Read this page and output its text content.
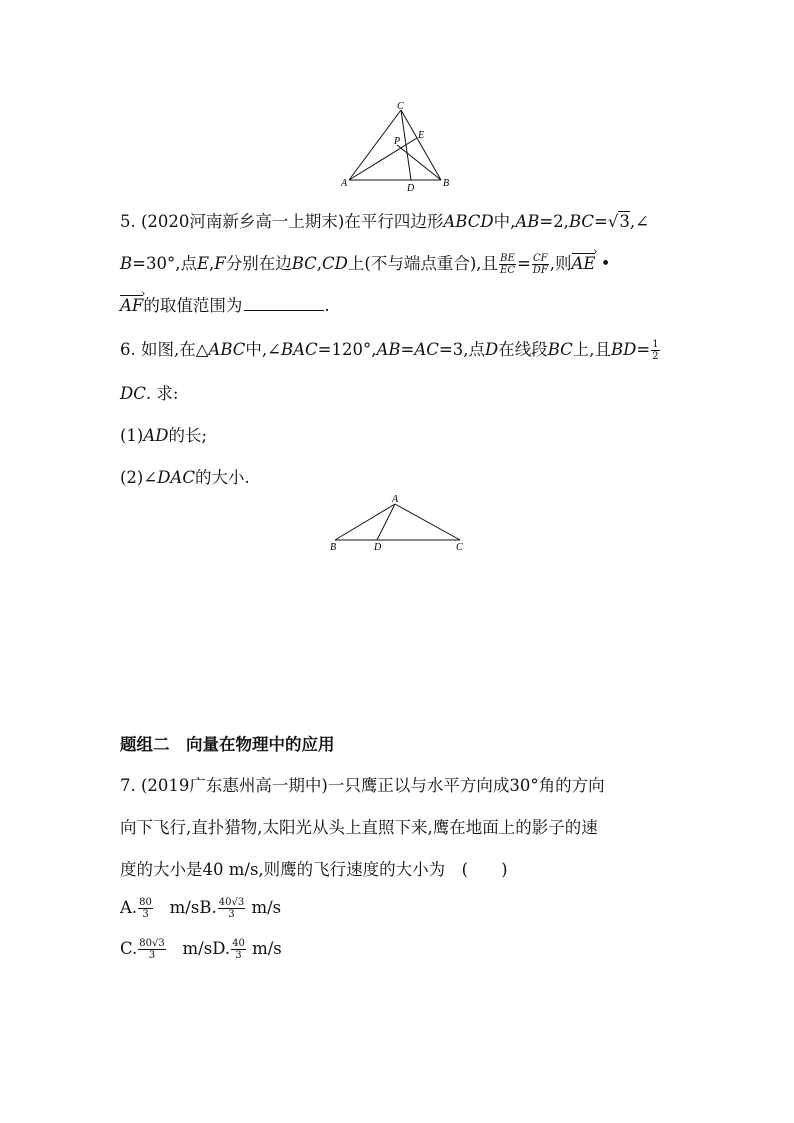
C
E
P
A	D	B
5. (2020河南新乡高一上期末)在平行四边形ABCD中,AB=2,BC=√3,∠
B=30°,点E,F分别在边BC,CD上(不与端点重合),且 $\frac{BE}{EC} = \frac{CF}{DF}$ ,则AE › •
AF ›的取值范围为	.
6. 如图,在△ABC中,∠BAC=120°,AB=AC=3,点D在线段BC上,且$BD= \frac{1}{2}$
DC. 求:
(1)AD的长;
(2)∠DAC的大小.
A
B	D	C
题组二　向量在物理中的应用
7. (2019广东惠州高一期中)一只鹰正以与水平方向成30°角的方向
向下飞行,直扑猎物,太阳光从头上直照下来,鹰在地面上的影子的速
度的大小是40 m/s,则鹰的飞行速度的大小为　(　　)
A. $\frac{80}{3} m/sB$. $\frac{40√3}{3} m/s$
C. $\frac{80√3}{3} m/sD$. $\frac{40}{3} m/s$
